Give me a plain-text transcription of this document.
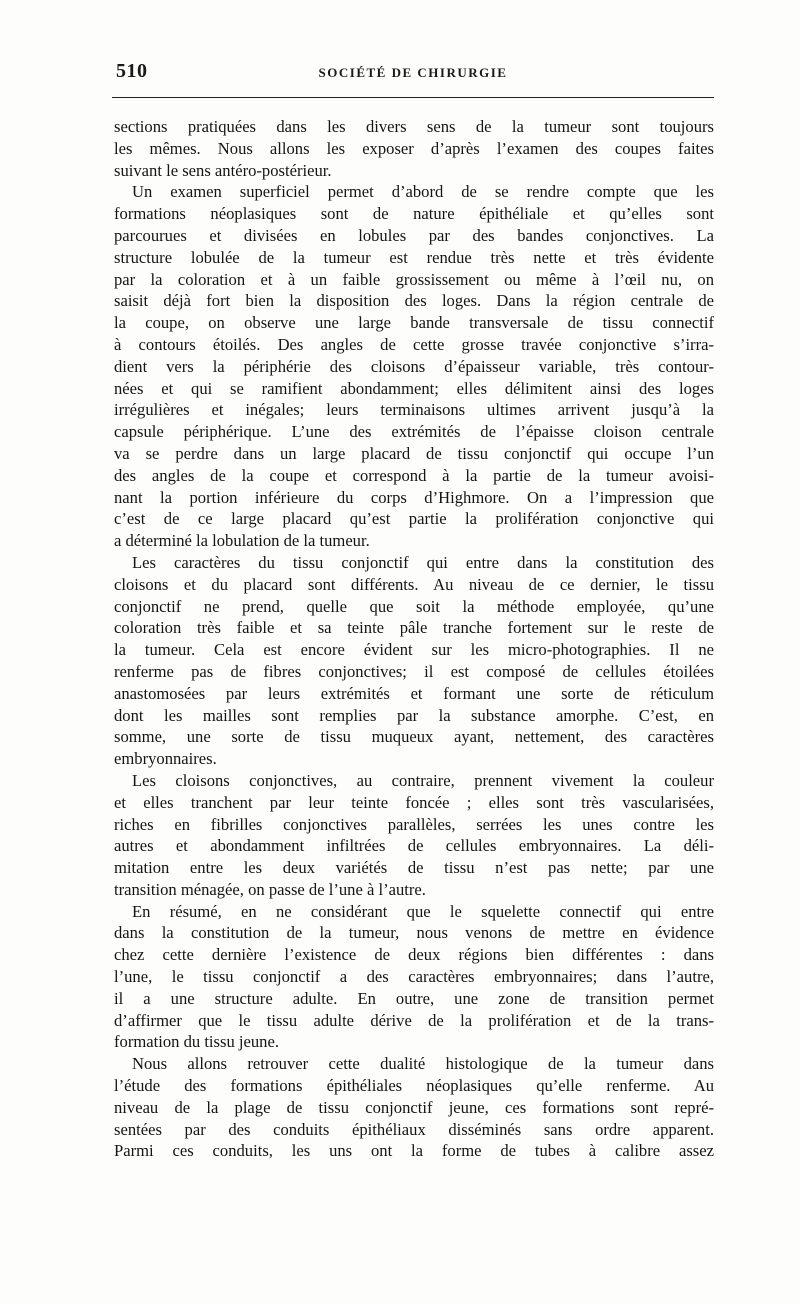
510	SOCIÉTÉ DE CHIRURGIE
sections pratiquées dans les divers sens de la tumeur sont toujours
les mêmes. Nous allons les exposer d’après l’examen des coupes faites
suivant le sens antéro-postérieur.
Un examen superficiel permet d’abord de se rendre compte que les
formations néoplasiques sont de nature épithéliale et qu’elles sont
parcourues et divisées en lobules par des bandes conjonctives. La
structure lobulée de la tumeur est rendue très nette et très évidente
par la coloration et à un faible grossissement ou même à l’œil nu, on
saisit déjà fort bien la disposition des loges. Dans la région centrale de
la coupe, on observe une large bande transversale de tissu connectif
à contours étoilés. Des angles de cette grosse travée conjonctive s’irra-
dient vers la périphérie des cloisons d’épaisseur variable, très contour-
nées et qui se ramifient abondamment; elles délimitent ainsi des loges
irrégulières et inégales; leurs terminaisons ultimes arrivent jusqu’à la
capsule périphérique. L’une des extrémités de l’épaisse cloison centrale
va se perdre dans un large placard de tissu conjonctif qui occupe l’un
des angles de la coupe et correspond à la partie de la tumeur avoisi-
nant la portion inférieure du corps d’Highmore. On a l’impression que
c’est de ce large placard qu’est partie la prolifération conjonctive qui
a déterminé la lobulation de la tumeur.
Les caractères du tissu conjonctif qui entre dans la constitution des
cloisons et du placard sont différents. Au niveau de ce dernier, le tissu
conjonctif ne prend, quelle que soit la méthode employée, qu’une
coloration très faible et sa teinte pâle tranche fortement sur le reste de
la tumeur. Cela est encore évident sur les micro-photographies. Il ne
renferme pas de fibres conjonctives; il est composé de cellules étoilées
anastomosées par leurs extrémités et formant une sorte de réticulum
dont les mailles sont remplies par la substance amorphe. C’est, en
somme, une sorte de tissu muqueux ayant, nettement, des caractères
embryonnaires.
Les cloisons conjonctives, au contraire, prennent vivement la couleur
et elles tranchent par leur teinte foncée ; elles sont très vascularisées,
riches en fibrilles conjonctives parallèles, serrées les unes contre les
autres et abondamment infiltrées de cellules embryonnaires. La déli-
mitation entre les deux variétés de tissu n’est pas nette; par une
transition ménagée, on passe de l’une à l’autre.
En résumé, en ne considérant que le squelette connectif qui entre
dans la constitution de la tumeur, nous venons de mettre en évidence
chez cette dernière l’existence de deux régions bien différentes : dans
l’une, le tissu conjonctif a des caractères embryonnaires; dans l’autre,
il a une structure adulte. En outre, une zone de transition permet
d’affirmer que le tissu adulte dérive de la prolifération et de la trans-
formation du tissu jeune.
Nous allons retrouver cette dualité histologique de la tumeur dans
l’étude des formations épithéliales néoplasiques qu’elle renferme. Au
niveau de la plage de tissu conjonctif jeune, ces formations sont repré-
sentées par des conduits épithéliaux disséminés sans ordre apparent.
Parmi ces conduits, les uns ont la forme de tubes à calibre assez
